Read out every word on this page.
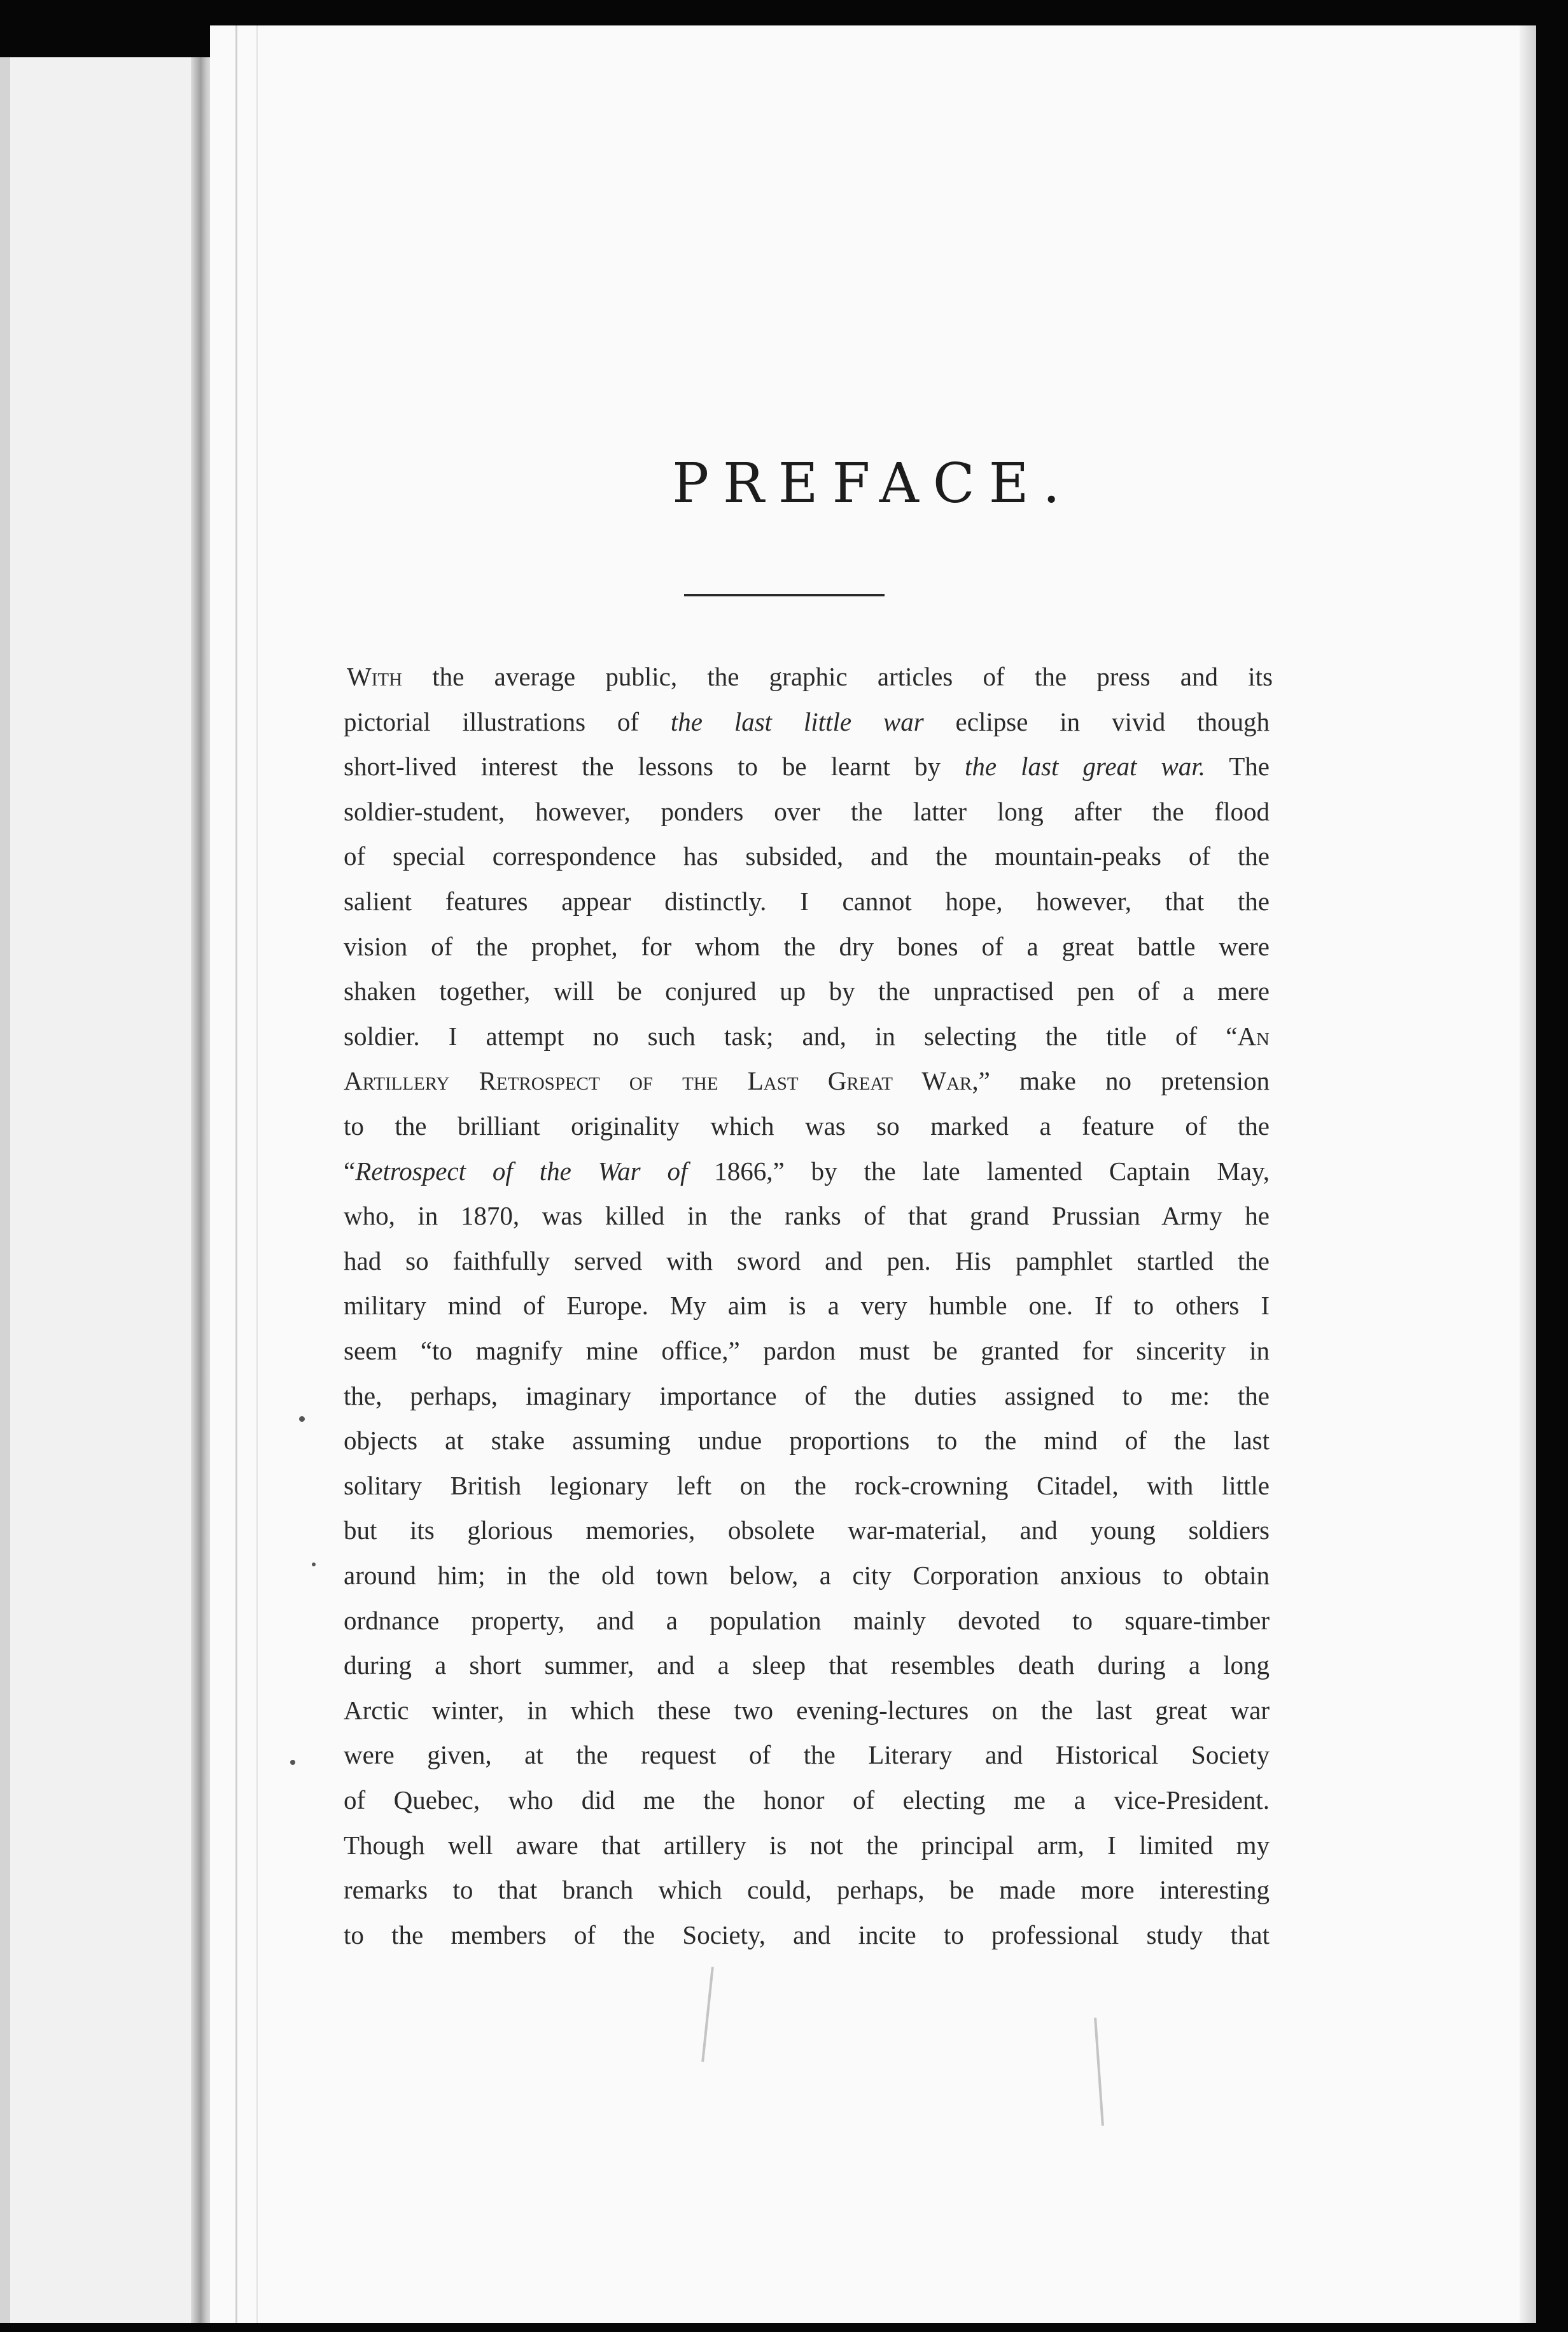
PREFACE.
With the average public, the graphic articles of the press and its
pictorial illustrations of the last little war eclipse in vivid though
short-lived interest the lessons to be learnt by the last great war. The
soldier-student, however, ponders over the latter long after the flood
of special correspondence has subsided, and the mountain-peaks of the
salient features appear distinctly. I cannot hope, however, that the
vision of the prophet, for whom the dry bones of a great battle were
shaken together, will be conjured up by the unpractised pen of a mere
soldier. I attempt no such task; and, in selecting the title of “An
Artillery Retrospect of the Last Great War,” make no pretension
to the brilliant originality which was so marked a feature of the
“Retrospect of the War of 1866,” by the late lamented Captain May,
who, in 1870, was killed in the ranks of that grand Prussian Army he
had so faithfully served with sword and pen. His pamphlet startled the
military mind of Europe. My aim is a very humble one. If to others I
seem “to magnify mine office,” pardon must be granted for sincerity in
the, perhaps, imaginary importance of the duties assigned to me: the
objects at stake assuming undue proportions to the mind of the last
solitary British legionary left on the rock-crowning Citadel, with little
but its glorious memories, obsolete war-material, and young soldiers
around him; in the old town below, a city Corporation anxious to obtain
ordnance property, and a population mainly devoted to square-timber
during a short summer, and a sleep that resembles death during a long
Arctic winter, in which these two evening-lectures on the last great war
were given, at the request of the Literary and Historical Society
of Quebec, who did me the honor of electing me a vice-President.
Though well aware that artillery is not the principal arm, I limited my
remarks to that branch which could, perhaps, be made more interesting
to the members of the Society, and incite to professional study that
